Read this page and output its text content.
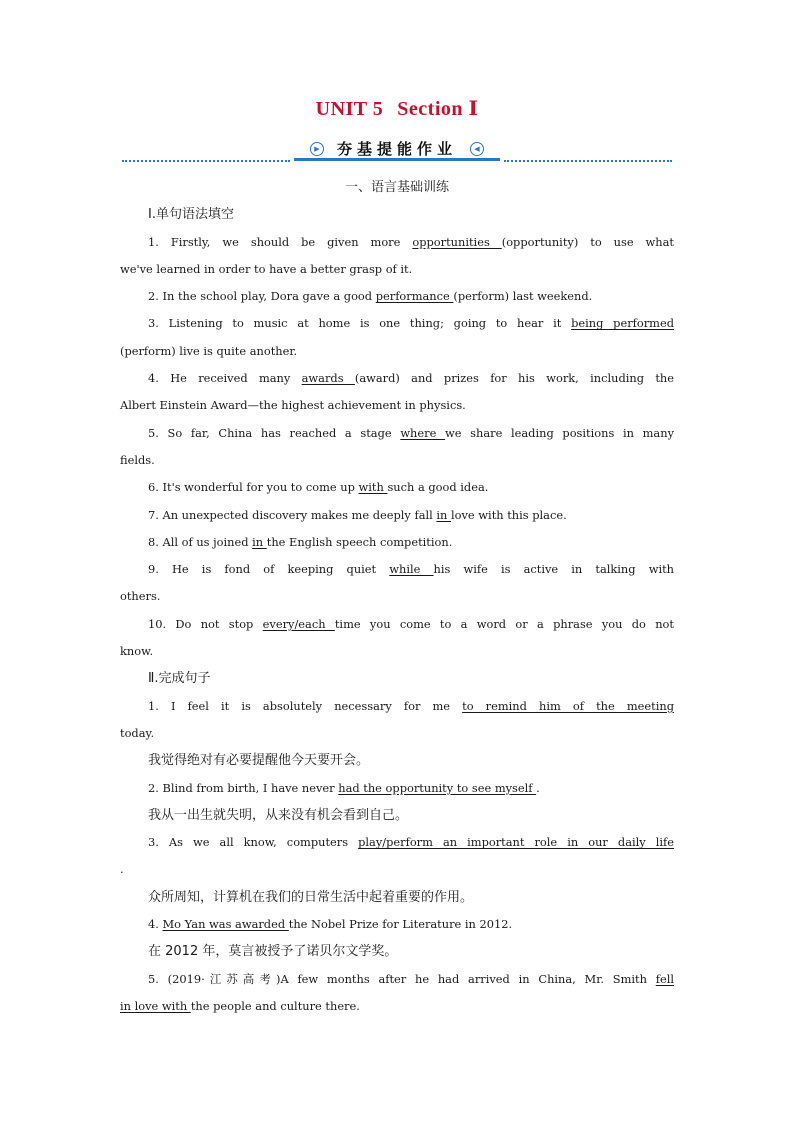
UNIT 5 Section Ⅰ
▶	夯基提能作业	◀
一、语言基础训练
Ⅰ.单句语法填空
1. Firstly, we should be given more opportunities (opportunity) to use what
we've learned in order to have a better grasp of it.
2. In the school play, Dora gave a good performance (perform) last weekend.
3. Listening to music at home is one thing; going to hear it being performed
(perform) live is quite another.
4. He received many awards (award) and prizes for his work, including the
Albert Einstein Award—the highest achievement in physics.
5. So far, China has reached a stage where we share leading positions in many
fields.
6. It's wonderful for you to come up with such a good idea.
7. An unexpected discovery makes me deeply fall in love with this place.
8. All of us joined in the English speech competition.
9. He is fond of keeping quiet while his wife is active in talking with
others.
10. Do not stop every/each time you come to a word or a phrase you do not
know.
Ⅱ.完成句子
1. I feel it is absolutely necessary for me to remind him of the meeting
today.
我觉得绝对有必要提醒他今天要开会。
2. Blind from birth, I have never had the opportunity to see myself .
我从一出生就失明，从来没有机会看到自己。
3. As we all know, computers play/perform an important role in our daily life
.
众所周知，计算机在我们的日常生活中起着重要的作用。
4. Mo Yan was awarded the Nobel Prize for Literature in 2012.
在 2012 年，莫言被授予了诺贝尔文学奖。
5. (2019·江苏高考)A few months after he had arrived in China, Mr. Smith fell
in love with the people and culture there.
